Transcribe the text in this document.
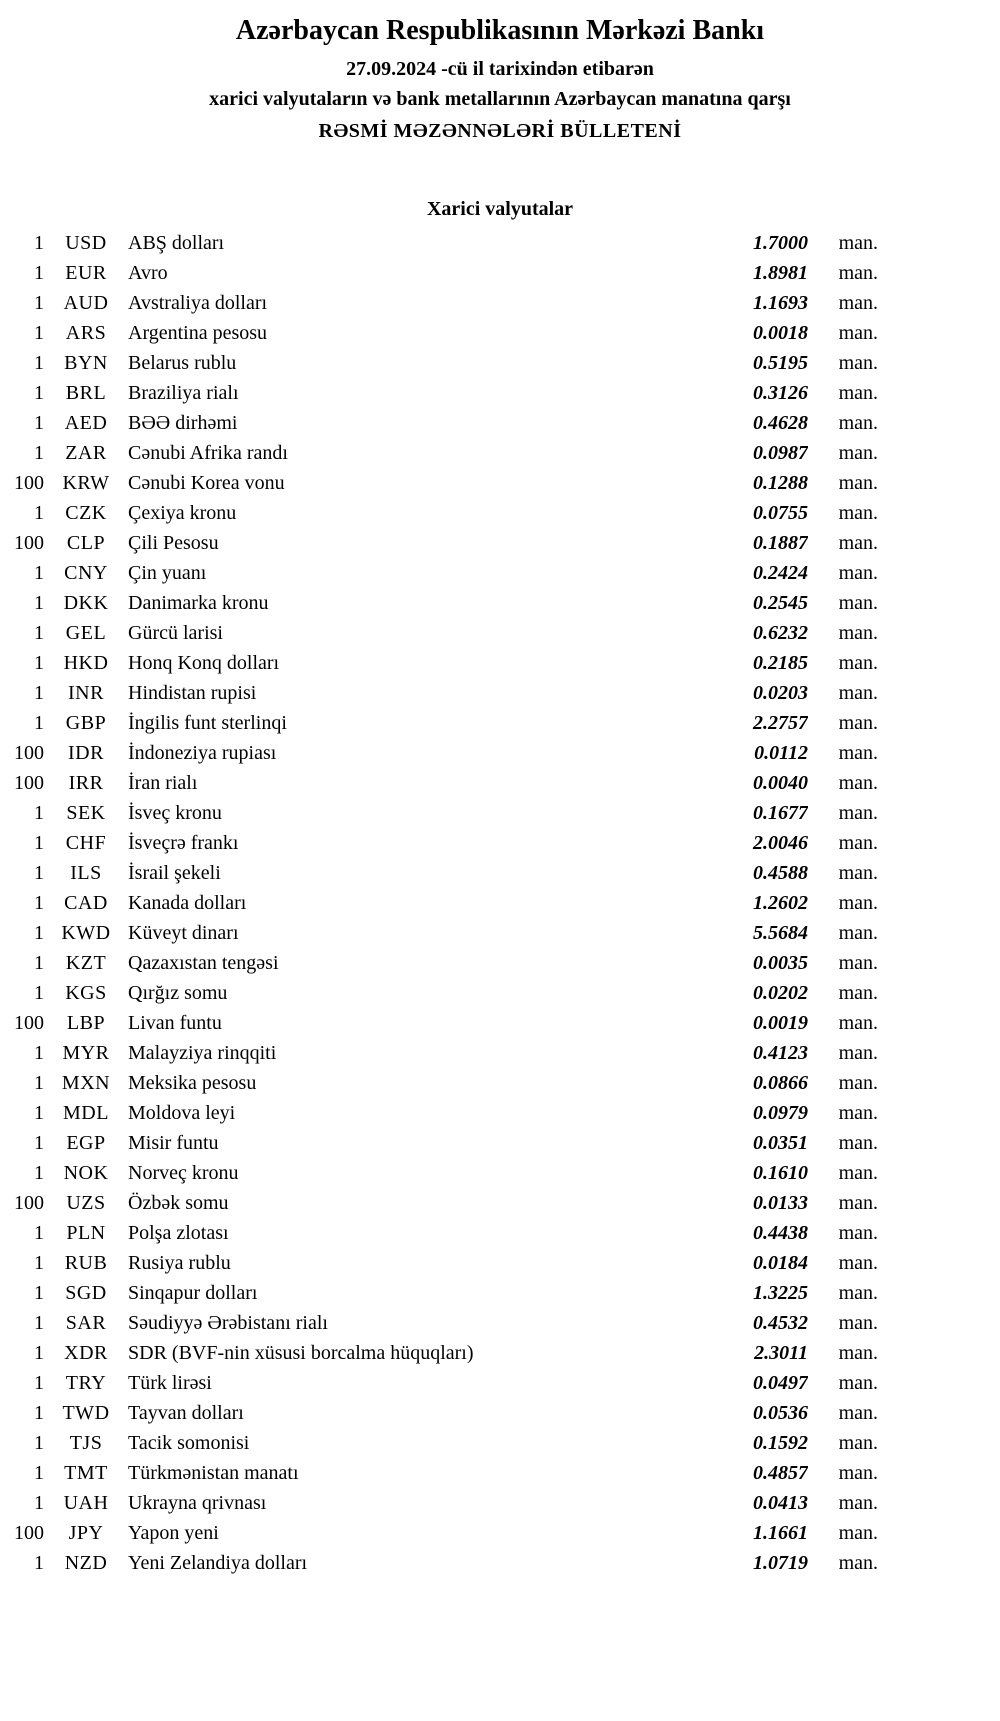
Azərbaycan Respublikasının Mərkəzi Bankı
27.09.2024 -cü il tarixindən etibarən
xarici valyutaların və bank metallarının Azərbaycan manatına qarşı
RƏSMİ MƏZƏNNƏLƏRİ BÜLLETENİ
Xarici valyutalar
1	USD	ABŞ dolları	1.7000	man.
1	EUR	Avro	1.8981	man.
1	AUD	Avstraliya dolları	1.1693	man.
1	ARS	Argentina pesosu	0.0018	man.
1	BYN	Belarus rublu	0.5195	man.
1	BRL	Braziliya rialı	0.3126	man.
1	AED	BƏƏ dirhəmi	0.4628	man.
1	ZAR	Cənubi Afrika randı	0.0987	man.
100	KRW	Cənubi Korea vonu	0.1288	man.
1	CZK	Çexiya kronu	0.0755	man.
100	CLP	Çili Pesosu	0.1887	man.
1	CNY	Çin yuanı	0.2424	man.
1	DKK	Danimarka kronu	0.2545	man.
1	GEL	Gürcü larisi	0.6232	man.
1	HKD	Honq Konq dolları	0.2185	man.
1	INR	Hindistan rupisi	0.0203	man.
1	GBP	İngilis funt sterlinqi	2.2757	man.
100	IDR	İndoneziya rupiası	0.0112	man.
100	IRR	İran rialı	0.0040	man.
1	SEK	İsveç kronu	0.1677	man.
1	CHF	İsveçrə frankı	2.0046	man.
1	ILS	İsrail şekeli	0.4588	man.
1	CAD	Kanada dolları	1.2602	man.
1	KWD	Küveyt dinarı	5.5684	man.
1	KZT	Qazaxıstan tengəsi	0.0035	man.
1	KGS	Qırğız somu	0.0202	man.
100	LBP	Livan funtu	0.0019	man.
1	MYR	Malayziya rinqqiti	0.4123	man.
1	MXN	Meksika pesosu	0.0866	man.
1	MDL	Moldova leyi	0.0979	man.
1	EGP	Misir funtu	0.0351	man.
1	NOK	Norveç kronu	0.1610	man.
100	UZS	Özbək somu	0.0133	man.
1	PLN	Polşa zlotası	0.4438	man.
1	RUB	Rusiya rublu	0.0184	man.
1	SGD	Sinqapur dolları	1.3225	man.
1	SAR	Səudiyyə Ərəbistanı rialı	0.4532	man.
1	XDR	SDR (BVF-nin xüsusi borcalma hüquqları)	2.3011	man.
1	TRY	Türk lirəsi	0.0497	man.
1	TWD	Tayvan dolları	0.0536	man.
1	TJS	Tacik somonisi	0.1592	man.
1	TMT	Türkmənistan manatı	0.4857	man.
1	UAH	Ukrayna qrivnası	0.0413	man.
100	JPY	Yapon yeni	1.1661	man.
1	NZD	Yeni Zelandiya dolları	1.0719	man.
